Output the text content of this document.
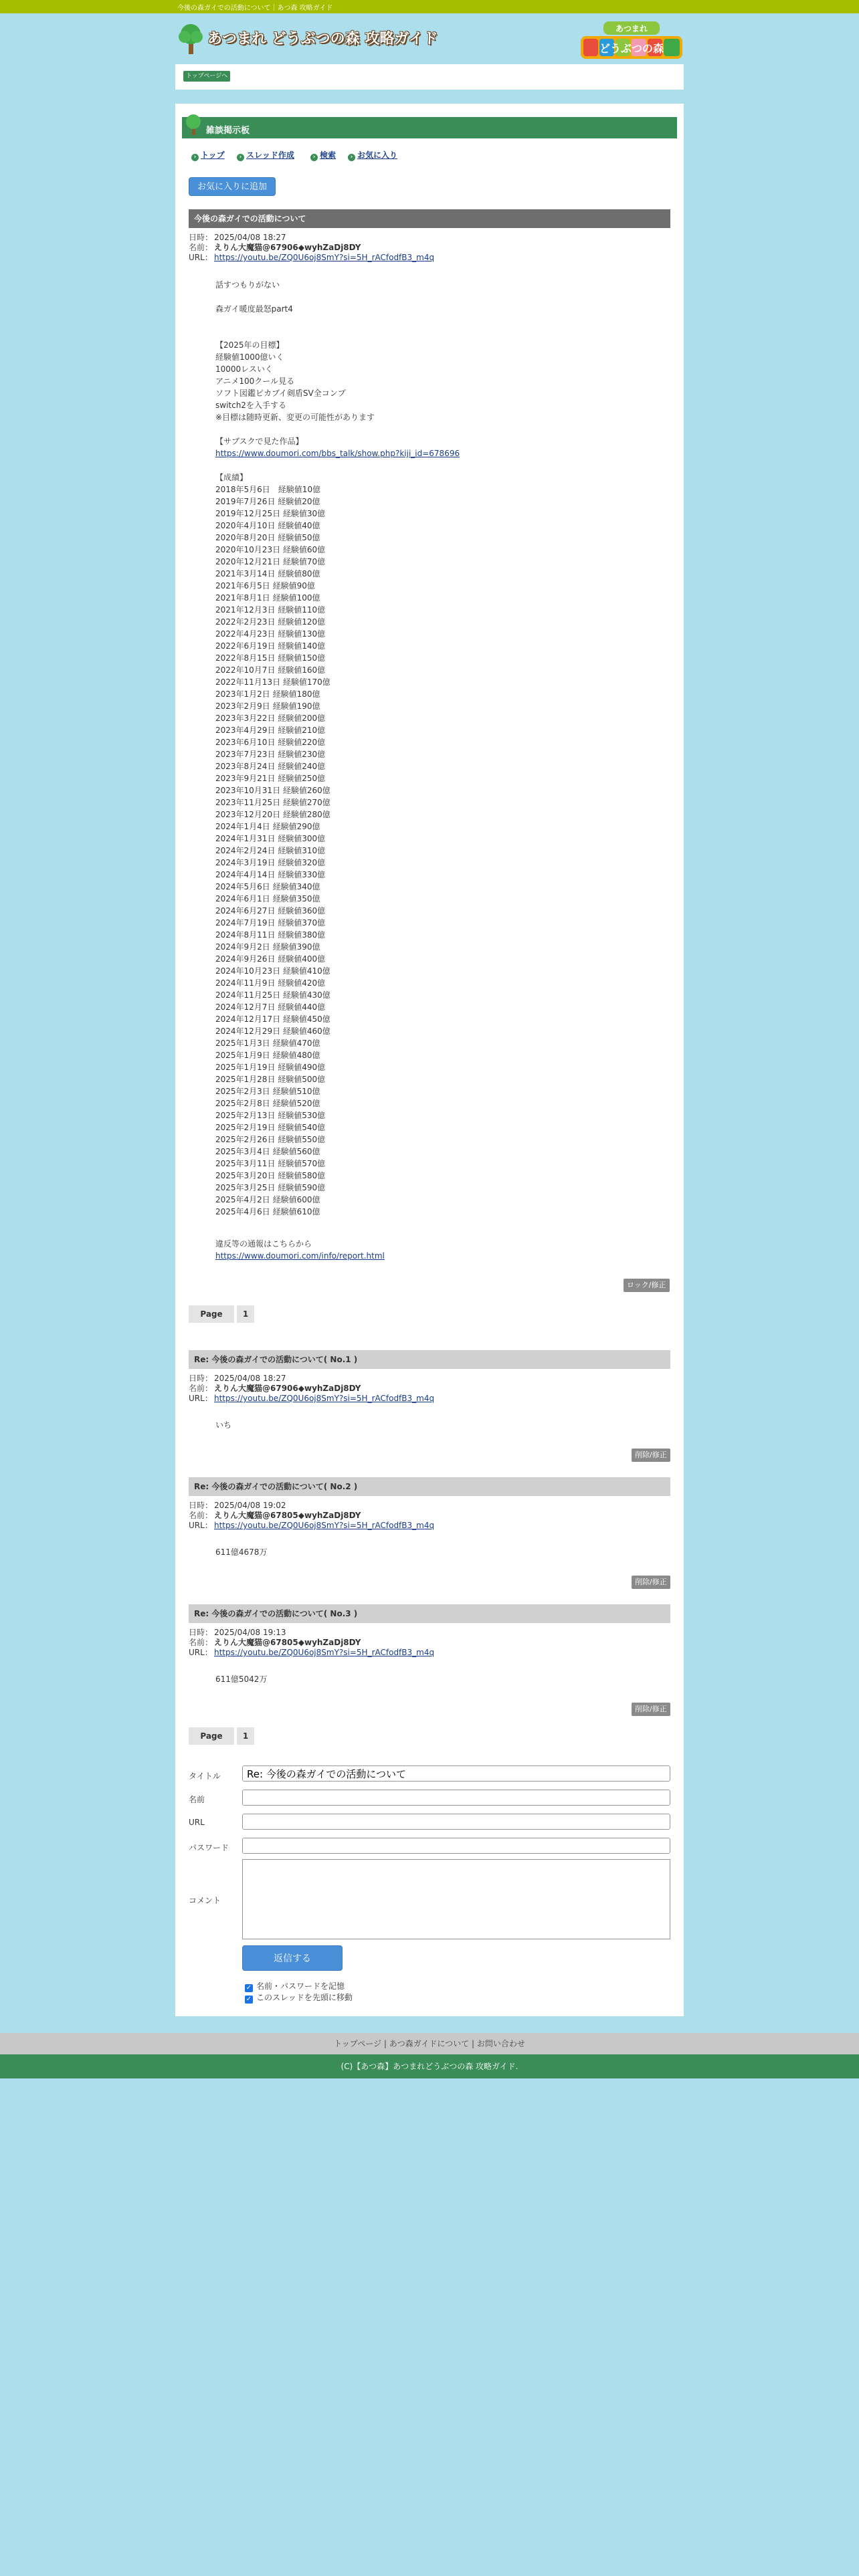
今後の森ガイでの活動について｜あつ森 攻略ガイド
あつまれ どうぶつの森 攻略ガイド
あつまれ
どうぶつの森
トップページへ
雑談掲示板
› トップ	› スレッド作成	› 検索	› お気に入り
お気に入りに追加
今後の森ガイでの活動について
日時： 2025/04/08 18:27
名前： えりん大魔猫@67906◆wyhZaDj8DY
URL： https://youtu.be/ZQ0U6oj8SmY?si=5H_rACfodfB3_m4q
話すつもりがない

森ガイ暖度最怒part4

【2025年の目標】
経験値1000億いく
10000レスいく
アニメ100クール見る
ソフト図鑑ピカブイ剣盾SV全コンプ
switch2を入手する
※目標は随時更新、変更の可能性があります

【サブスクで見た作品】
https://www.doumori.com/bbs_talk/show.php?kiji_id=678696
【成績】
2018年5月6日　経験値10億
2019年7月26日 経験値20億
2019年12月25日 経験値30億
2020年4月10日 経験値40億
2020年8月20日 経験値50億
2020年10月23日 経験値60億
2020年12月21日 経験値70億
2021年3月14日 経験値80億
2021年6月5日 経験値90億
2021年8月1日 経験値100億
2021年12月3日 経験値110億
2022年2月23日 経験値120億
2022年4月23日 経験値130億
2022年6月19日 経験値140億
2022年8月15日 経験値150億
2022年10月7日 経験値160億
2022年11月13日 経験値170億
2023年1月2日 経験値180億
2023年2月9日 経験値190億
2023年3月22日 経験値200億
2023年4月29日 経験値210億
2023年6月10日 経験値220億
2023年7月23日 経験値230億
2023年8月24日 経験値240億
2023年9月21日 経験値250億
2023年10月31日 経験値260億
2023年11月25日 経験値270億
2023年12月20日 経験値280億
2024年1月4日 経験値290億
2024年1月31日 経験値300億
2024年2月24日 経験値310億
2024年3月19日 経験値320億
2024年4月14日 経験値330億
2024年5月6日 経験値340億
2024年6月1日 経験値350億
2024年6月27日 経験値360億
2024年7月19日 経験値370億
2024年8月11日 経験値380億
2024年9月2日 経験値390億
2024年9月26日 経験値400億
2024年10月23日 経験値410億
2024年11月9日 経験値420億
2024年11月25日 経験値430億
2024年12月7日 経験値440億
2024年12月17日 経験値450億
2024年12月29日 経験値460億
2025年1月3日 経験値470億
2025年1月9日 経験値480億
2025年1月19日 経験値490億
2025年1月28日 経験値500億
2025年2月3日 経験値510億
2025年2月8日 経験値520億
2025年2月13日 経験値530億
2025年2月19日 経験値540億
2025年2月26日 経験値550億
2025年3月4日 経験値560億
2025年3月11日 経験値570億
2025年3月20日 経験値580億
2025年3月25日 経験値590億
2025年4月2日 経験値600億
2025年4月6日 経験値610億
違反等の通報はこちらから
https://www.doumori.com/info/report.html
ロック/修正
Page	1
Re: 今後の森ガイでの活動について( No.1 )
日時： 2025/04/08 18:27
名前： えりん大魔猫@67906◆wyhZaDj8DY
URL： https://youtu.be/ZQ0U6oj8SmY?si=5H_rACfodfB3_m4q
いち
削除/修正
Re: 今後の森ガイでの活動について( No.2 )
日時： 2025/04/08 19:02
名前： えりん大魔猫@67805◆wyhZaDj8DY
URL： https://youtu.be/ZQ0U6oj8SmY?si=5H_rACfodfB3_m4q
611億4678万
削除/修正
Re: 今後の森ガイでの活動について( No.3 )
日時： 2025/04/08 19:13
名前： えりん大魔猫@67805◆wyhZaDj8DY
URL： https://youtu.be/ZQ0U6oj8SmY?si=5H_rACfodfB3_m4q
611億5042万
削除/修正
Page	1
タイトル
Re: 今後の森ガイでの活動について
名前
URL
パスワード
コメント
返信する
✓ 名前・パスワードを記憶
✓ このスレッドを先頭に移動
トップページ | あつ森ガイドについて | お問い合わせ
(C)【あつ森】あつまれどうぶつの森 攻略ガイド.
